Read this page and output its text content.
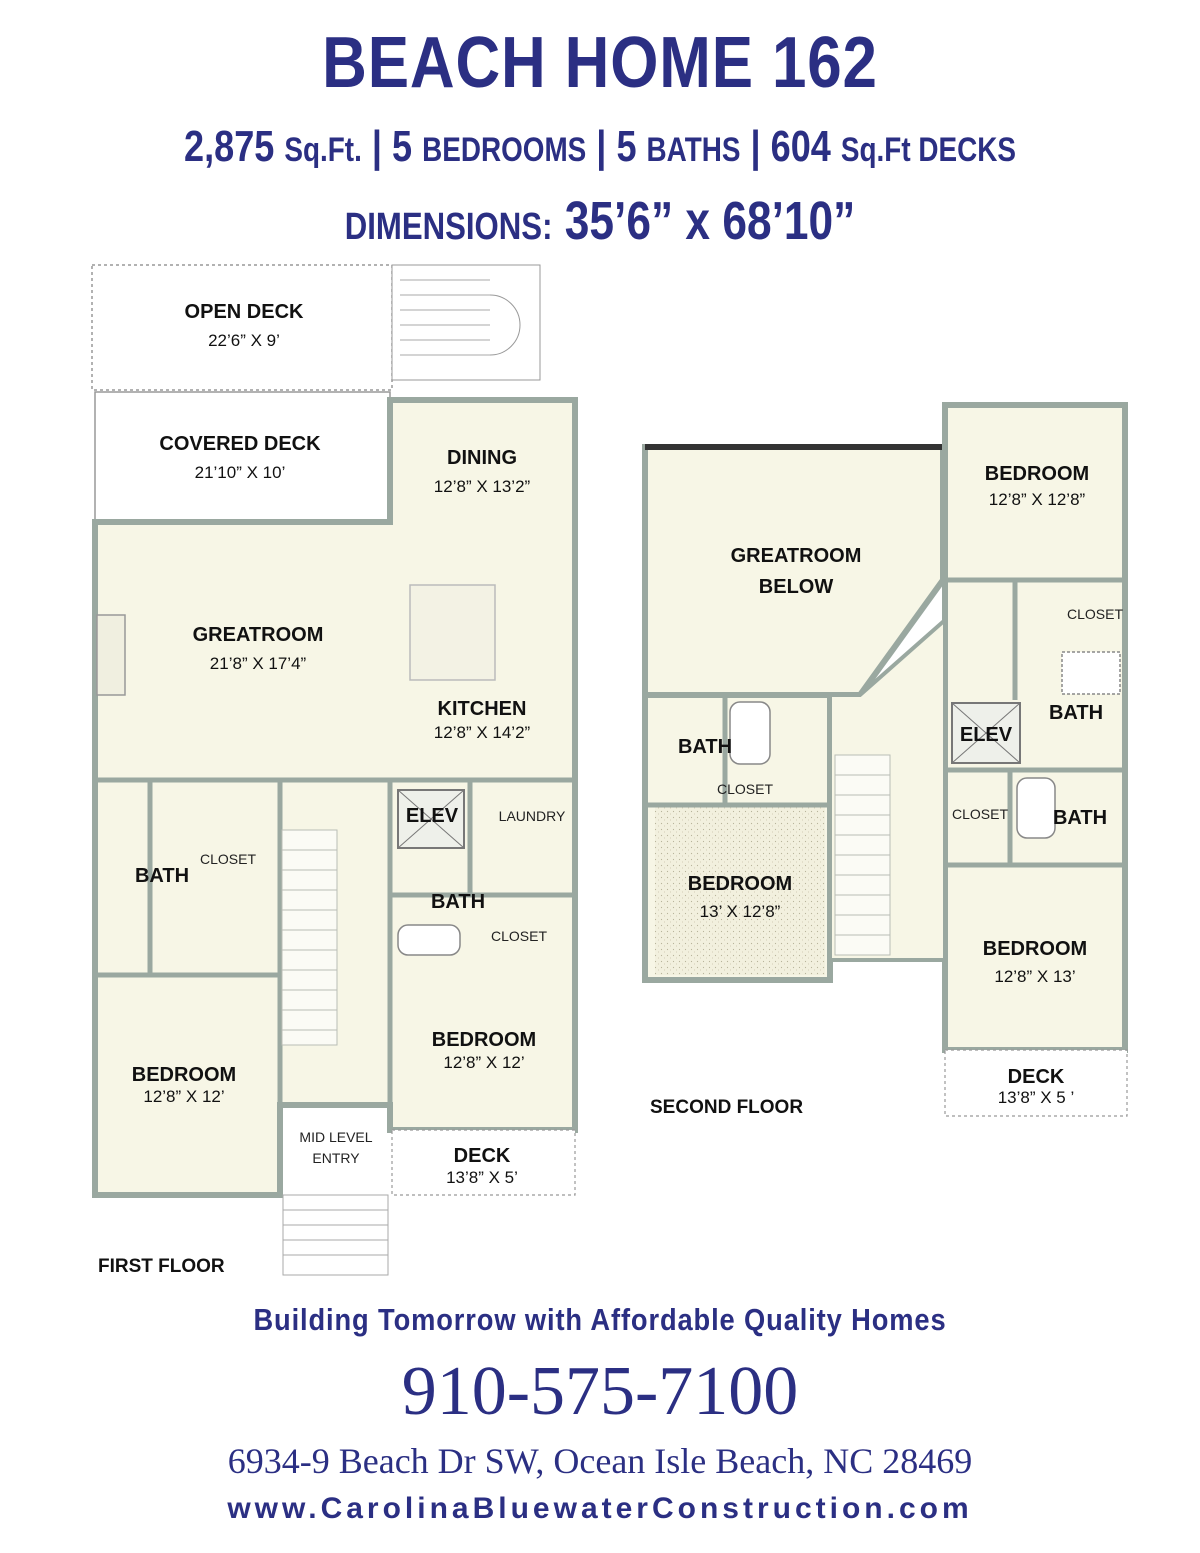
BEACH HOME 162
2,875 Sq.Ft. | 5 BEDROOMS | 5 BATHS | 604 Sq.Ft DECKS
DIMENSIONS: 35’6” x 68’10”
OPEN DECK
22’6” X 9’
COVERED DECK
21’10” X 10’
DINING
12’8” X 13’2”
GREATROOM
21’8” X 17’4”
KITCHEN
12’8” X 14’2”
ELEV	LAUNDRY
BATH
CLOSET
BATH
CLOSET
BEDROOM
12’8” X 12’
BEDROOM
12’8” X 12’
MID LEVEL
ENTRY	DECK
13’8” X 5’
FIRST FLOOR
GREATROOM
BELOW
BEDROOM
12’8” X 12’8”
CLOSET
BATH
ELEV
BATH
CLOSET
CLOSET BATH
BEDROOM
13’ X 12’8”
BEDROOM
12’8” X 13’
DECK
13’8” X 5 ’
SECOND FLOOR
Building Tomorrow with Affordable Quality Homes
910-575-7100
6934-9 Beach Dr SW, Ocean Isle Beach, NC 28469
www.CarolinaBluewaterConstruction.com
